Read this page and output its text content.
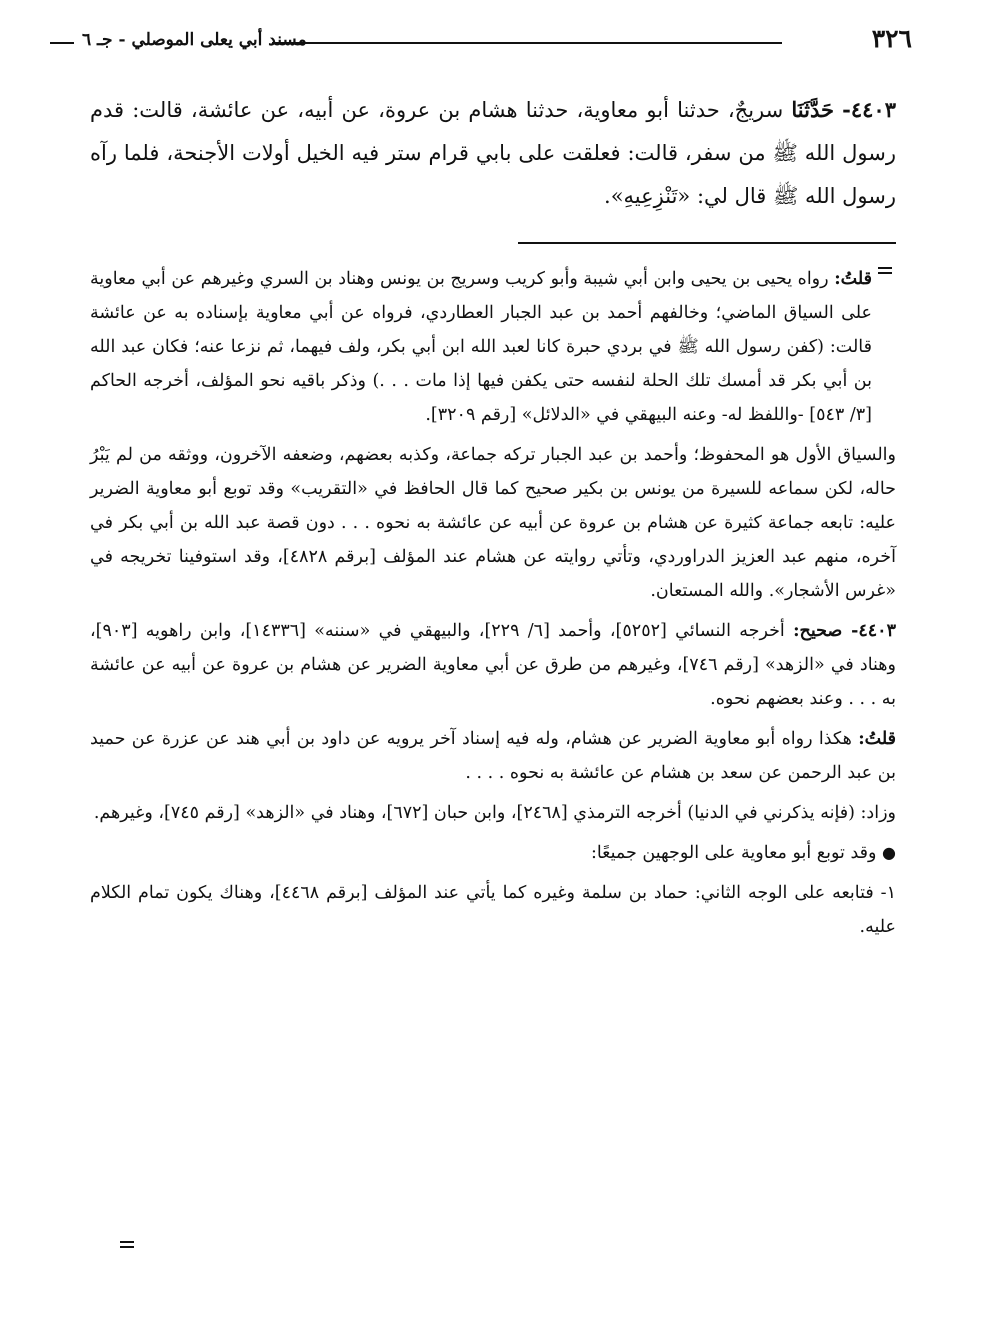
٣٢٦
مسند أبي يعلى الموصلي - جـ ٦
٤٤٠٣- حَدَّثَنَا سريجٌ، حدثنا أبو معاوية، حدثنا هشام بن عروة، عن أبيه، عن عائشة، قالت: قدم رسول الله ﷺ من سفر، قالت: فعلقت على بابي قرام ستر فيه الخيل أولات الأجنحة، فلما رآه رسول الله ﷺ قال لي: «تَنْزِعِيهِ».

قلتُ: رواه يحيى بن يحيى وابن أبي شيبة وأبو كريب وسريج بن يونس وهناد بن السري وغيرهم عن أبي معاوية على السياق الماضي؛ وخالفهم أحمد بن عبد الجبار العطاردي، فرواه عن أبي معاوية بإسناده به عن عائشة قالت: (كفن رسول الله ﷺ في بردي حبرة كانا لعبد الله ابن أبي بكر، ولف فيهما، ثم نزعا عنه؛ فكان عبد الله بن أبي بكر قد أمسك تلك الحلة لنفسه حتى يكفن فيها إذا مات . . .) وذكر باقيه نحو المؤلف، أخرجه الحاكم [٣/ ٥٤٣] -واللفظ له- وعنه البيهقي في «الدلائل» [رقم ٣٢٠٩].

والسياق الأول هو المحفوظ؛ وأحمد بن عبد الجبار تركه جماعة، وكذبه بعضهم، وضعفه الآخرون، ووثقه من لم يَبْرُ حاله، لكن سماعه للسيرة من يونس بن بكير صحيح كما قال الحافظ في «التقريب» وقد توبع أبو معاوية الضرير عليه: تابعه جماعة كثيرة عن هشام بن عروة عن أبيه عن عائشة به نحوه . . . دون قصة عبد الله بن أبي بكر في آخره، منهم عبد العزيز الدراوردي، وتأتي روايته عن هشام عند المؤلف [برقم ٤٨٢٨]، وقد استوفينا تخريجه في «غرس الأشجار». والله المستعان.

٤٤٠٣- صحيح: أخرجه النسائي [٥٢٥٢]، وأحمد [٦/ ٢٢٩]، والبيهقي في «سننه» [١٤٣٣٦]، وابن راهويه [٩٠٣]، وهناد في «الزهد» [رقم ٧٤٦]، وغيرهم من طرق عن أبي معاوية الضرير عن هشام بن عروة عن أبيه عن عائشة به . . . وعند بعضهم نحوه.

قلتُ: هكذا رواه أبو معاوية الضرير عن هشام، وله فيه إسناد آخر يرويه عن داود بن أبي هند عن عزرة عن حميد بن عبد الرحمن عن سعد بن هشام عن عائشة به نحوه . . . .

وزاد: (فإنه يذكرني في الدنيا) أخرجه الترمذي [٢٤٦٨]، وابن حبان [٦٧٢]، وهناد في «الزهد» [رقم ٧٤٥]، وغيرهم.

● وقد توبع أبو معاوية على الوجهين جميعًا:

١- فتابعه على الوجه الثاني: حماد بن سلمة وغيره كما يأتي عند المؤلف [برقم ٤٤٦٨]، وهناك يكون تمام الكلام عليه.
